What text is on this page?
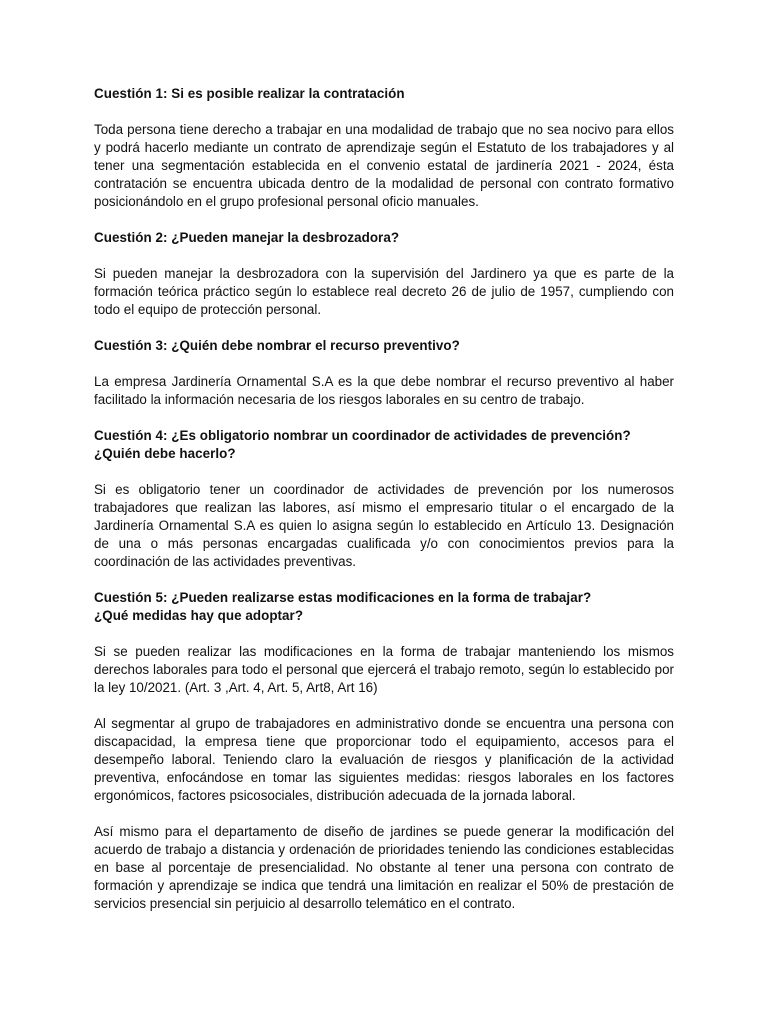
Cuestión 1: Si es posible realizar la contratación

Toda persona tiene derecho a trabajar en una modalidad de trabajo que no sea nocivo para ellos y podrá hacerlo mediante un contrato de aprendizaje según el Estatuto de los trabajadores y al tener una segmentación establecida en el convenio estatal de jardinería 2021 - 2024, ésta contratación se encuentra ubicada dentro de la modalidad de personal con contrato formativo posicionándolo en el grupo profesional personal oficio manuales.

Cuestión 2: ¿Pueden manejar la desbrozadora?

Si pueden manejar la desbrozadora con la supervisión del Jardinero ya que es parte de la formación teórica práctico según lo establece real decreto 26 de julio de 1957, cumpliendo con todo el equipo de protección personal.

Cuestión 3: ¿Quién debe nombrar el recurso preventivo?

La empresa Jardinería Ornamental S.A es la que debe nombrar el recurso preventivo al haber facilitado la información necesaria de los riesgos laborales en su centro de trabajo.

Cuestión 4: ¿Es obligatorio nombrar un coordinador de actividades de prevención?

¿Quién debe hacerlo?

Si es obligatorio tener un coordinador de actividades de prevención por los numerosos trabajadores que realizan las labores, así mismo el empresario titular o el encargado de la Jardinería Ornamental S.A es quien lo asigna según lo establecido en Artículo 13. Designación de una o más personas encargadas cualificada y/o con conocimientos previos para la coordinación de las actividades preventivas.

Cuestión 5: ¿Pueden realizarse estas modificaciones en la forma de trabajar?

¿Qué medidas hay que adoptar?

Si se pueden realizar las modificaciones en la forma de trabajar manteniendo los mismos derechos laborales para todo el personal que ejercerá el trabajo remoto, según lo establecido por la ley 10/2021. (Art. 3 ,Art. 4, Art. 5, Art8, Art 16)

Al segmentar al grupo de trabajadores en administrativo donde se encuentra una persona con discapacidad, la empresa tiene que proporcionar todo el equipamiento, accesos para el desempeño laboral. Teniendo claro la evaluación de riesgos y planificación de la actividad preventiva, enfocándose en tomar las siguientes medidas: riesgos laborales en los factores ergonómicos, factores psicosociales, distribución adecuada de la jornada laboral.

Así mismo para el departamento de diseño de jardines se puede generar la modificación del acuerdo de trabajo a distancia y ordenación de prioridades teniendo las condiciones establecidas en base al porcentaje de presencialidad. No obstante al tener una persona con contrato de formación y aprendizaje se indica que tendrá una limitación en realizar el 50% de prestación de servicios presencial sin perjuicio al desarrollo telemático en el contrato.
